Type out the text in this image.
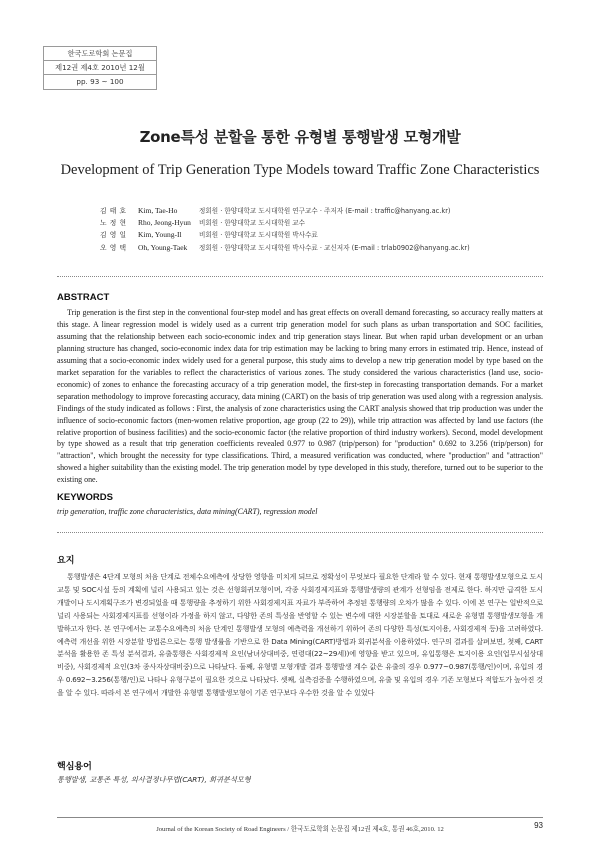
한국도로학회 논문집
제12권 제4호 2010년 12월
pp. 93 ~ 100
Zone특성 분할을 통한 유형별 통행발생 모형개발
Development of Trip Generation Type Models toward Traffic Zone Characteristics
김 태 호	Kim, Tae-Ho	정회원 · 한양대학교 도시대학원 연구교수 · 주저자 (E-mail : traffic@hanyang.ac.kr)
노 정 현	Rho, Jeong-Hyun	비회원 · 한양대학교 도시대학원 교수
김 영 일	Kim, Young-Il	비회원 · 한양대학교 도시대학원 박사수료
오 영 택	Oh, Young-Taek	정회원 · 한양대학교 도시대학원 박사수료 · 교신저자 (E-mail : trlab0902@hanyang.ac.kr)
ABSTRACT

Trip generation is the first step in the conventional four-step model and has great effects on overall demand forecasting, so accuracy really matters at this stage. A linear regression model is widely used as a current trip generation model for such plans as urban transportation and SOC facilities, assuming that the relationship between each socio-economic index and trip generation stays linear. But when rapid urban development or an urban planning structure has changed, socio-economic index data for trip estimation may be lacking to bring many errors in estimated trip. Hence, instead of assuming that a socio-economic index widely used for a general purpose, this study aims to develop a new trip generation model by type based on the market separation for the variables to reflect the characteristics of various zones. The study considered the various characteristics (land use, socio-economic) of zones to enhance the forecasting accuracy of a trip generation model, the first-step in forecasting transportation demands. For a market separation methodology to improve forecasting accuracy, data mining (CART) on the basis of trip generation was used along with a regression analysis. Findings of the study indicated as follows : First, the analysis of zone characteristics using the CART analysis showed that trip production was under the influence of socio-economic factors (men-women relative proportion, age group (22 to 29)), while trip attraction was affected by land use factors (the relative proportion of business facilities) and the socio-economic factor (the relative proportion of third industry workers). Second, model development by type showed as a result that trip generation coefficients revealed 0.977 to 0.987 (trip/person) for "production" 0.692 to 3.256 (trip/person) for "attraction", which brought the necessity for type classifications. Third, a measured verification was conducted, where "production" and "attraction" showed a higher suitability than the existing model. The trip generation model by type developed in this study, therefore, turned out to be superior to the existing one.

KEYWORDS
trip generation, traffic zone characteristics, data mining(CART), regression model
요지

통행발생은 4단계 모형의 처음 단계로 전체수요예측에 상당한 영향을 미치게 되므로 정확성이 무엇보다 필요한 단계라 할 수 있다. 현재 통행발생모형으로 도시교통 및 SOC시설 등의 계획에 널리 사용되고 있는 것은 선형회귀모형이며, 각종 사회경제지표와 통행발생량의 관계가 선형임을 전제로 한다. 하지만 급격한 도시개발이나 도시계획구조가 변경되었을 때 통행량을 추정하기 위한 사회경제지표 자료가 부족하여 추정된 통행량의 오차가 많을 수 있다. 이에 본 연구는 일반적으로 널리 사용되는 사회경제지표를 선형이라 가정을 하지 않고, 다양한 존의 특성을 반영할 수 있는 변수에 대한 시장분할을 토대로 새로운 유형별 통행발생모형을 개발하고자 한다. 본 연구에서는 교통수요예측의 처음 단계인 통행발생 모형의 예측력을 개선하기 위하여 존의 다양한 특성(토지이용, 사회경제적 등)을 고려하였다. 예측력 개선을 위한 시장분할 방법론으로는 통행 발생률을 기반으로 한 Data Mining(CART)방법과 회귀분석을 이용하였다. 연구의 결과를 살펴보면, 첫째, CART분석을 활용한 존 특성 분석결과, 유출통행은 사회경제적 요인(남녀상대비중, 연령대(22~29세))에 영향을 받고 있으며, 유입통행은 토지이용 요인(업무시설상대비중), 사회경제적 요인(3차 종사자상대비중)으로 나타났다. 둘째, 유형별 모형개발 결과 통행발생 계수 값은 유출의 경우 0.977~0.987(통행/인)이며, 유입의 경우 0.692~3.256(통행/인)로 나타나 유형구분이 필요한 것으로 나타났다. 셋째, 실측검증을 수행하였으며, 유출 및 유입의 경우 기존 모형보다 적합도가 높아진 것을 알 수 있다. 따라서 본 연구에서 개발한 유형별 통행발생모형이 기존 연구보다 우수한 것을 알 수 있었다

핵심용어
통행발생, 교통존 특성, 의사결정나무법(CART), 회귀분석모형
Journal of the Korean Society of Road Engineers / 한국도로학회 논문집 제12권 제4호, 통권 46호,2010. 12	93
